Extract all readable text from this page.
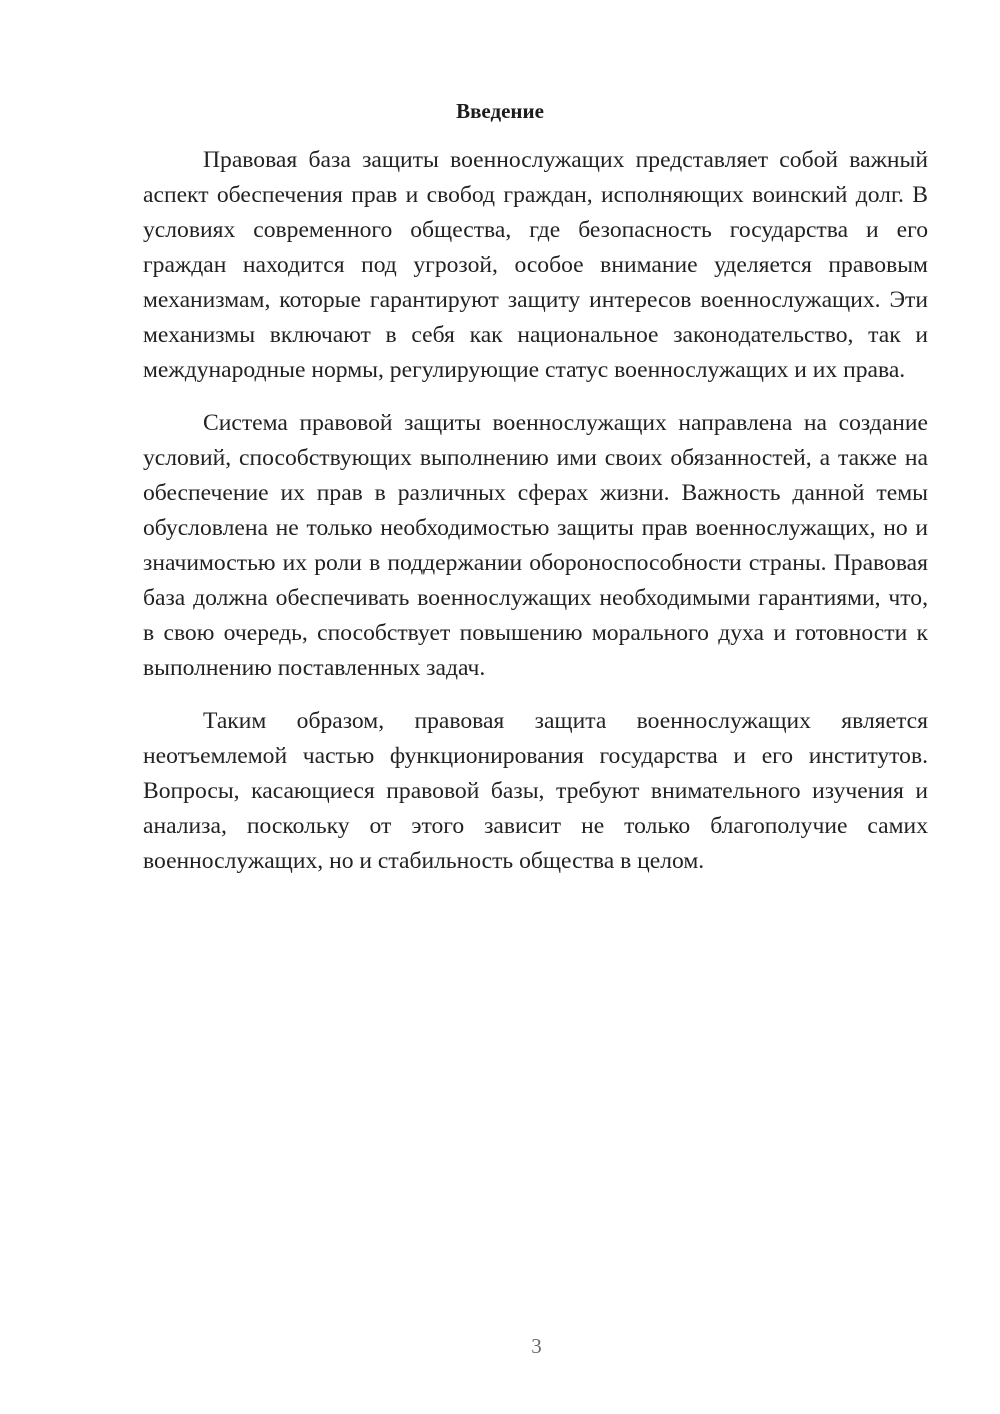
Введение

Правовая база защиты военнослужащих представляет собой важный аспект обеспечения прав и свобод граждан, исполняющих воинский долг. В условиях современного общества, где безопасность государства и его граждан находится под угрозой, особое внимание уделяется правовым механизмам, которые гарантируют защиту интересов военнослужащих. Эти механизмы включают в себя как национальное законодательство, так и международные нормы, регулирующие статус военнослужащих и их права.

Система правовой защиты военнослужащих направлена на создание условий, способствующих выполнению ими своих обязанностей, а также на обеспечение их прав в различных сферах жизни. Важность данной темы обусловлена не только необходимостью защиты прав военнослужащих, но и значимостью их роли в поддержании обороноспособности страны. Правовая база должна обеспечивать военнослужащих необходимыми гарантиями, что, в свою очередь, способствует повышению морального духа и готовности к выполнению поставленных задач.

Таким образом, правовая защита военнослужащих является неотъемлемой частью функционирования государства и его институтов. Вопросы, касающиеся правовой базы, требуют внимательного изучения и анализа, поскольку от этого зависит не только благополучие самих военнослужащих, но и стабильность общества в целом.

3
